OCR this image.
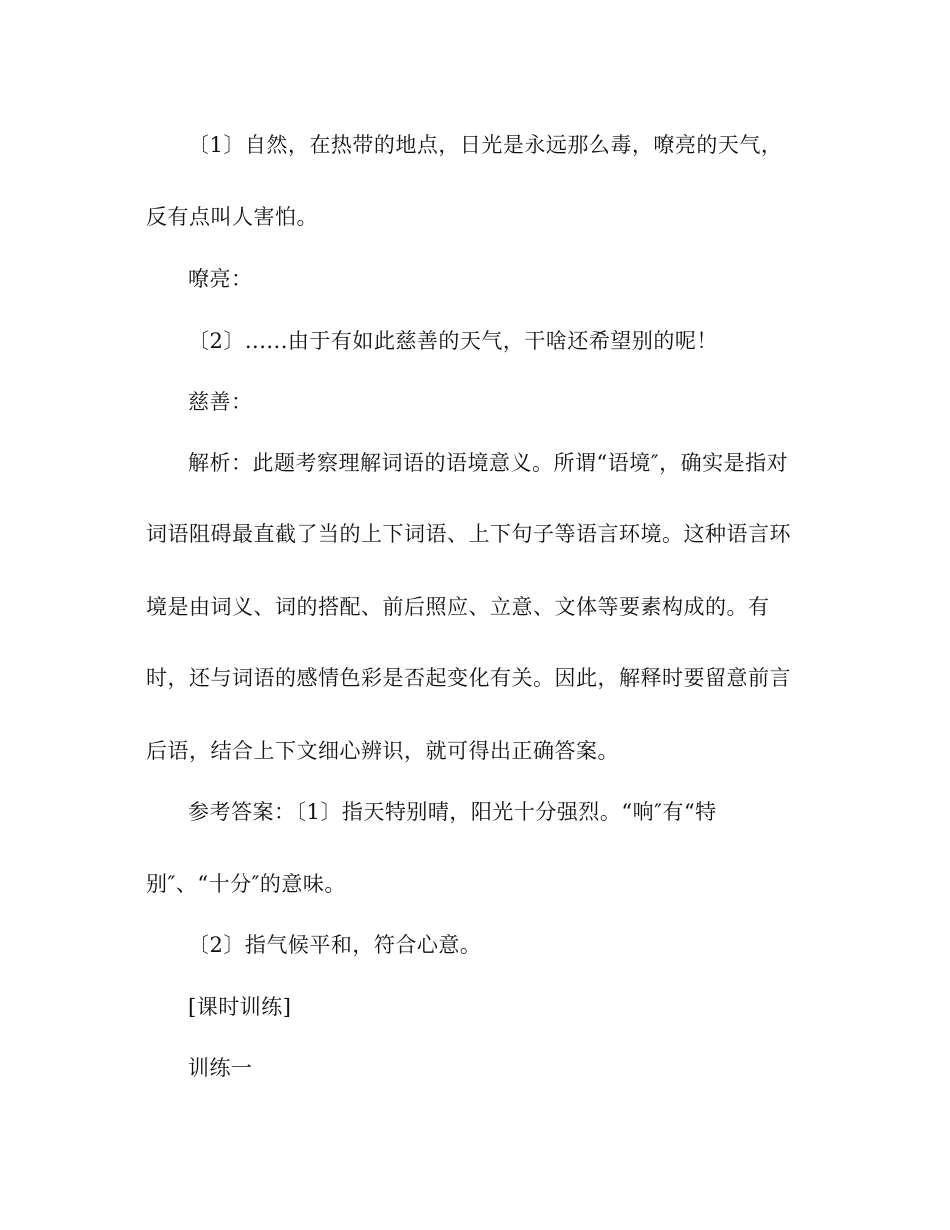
〔1〕自然，在热带的地点，日光是永远那么毒，嘹亮的天气，
反有点叫人害怕。
嘹亮：
〔2〕......由于有如此慈善的天气，干啥还希望别的呢！
慈善：
解析：此题考察理解词语的语境意义。所谓“语境″，确实是指对
词语阻碍最直截了当的上下词语、上下句子等语言环境。这种语言环
境是由词义、词的搭配、前后照应、立意、文体等要素构成的。有
时，还与词语的感情色彩是否起变化有关。因此，解释时要留意前言
后语，结合上下文细心辨识，就可得出正确答案。
参考答案：〔1〕指天特别晴，阳光十分强烈。“响″有“特
别″、“十分″的意味。
〔2〕指气候平和，符合心意。
[课时训练]
训练一
